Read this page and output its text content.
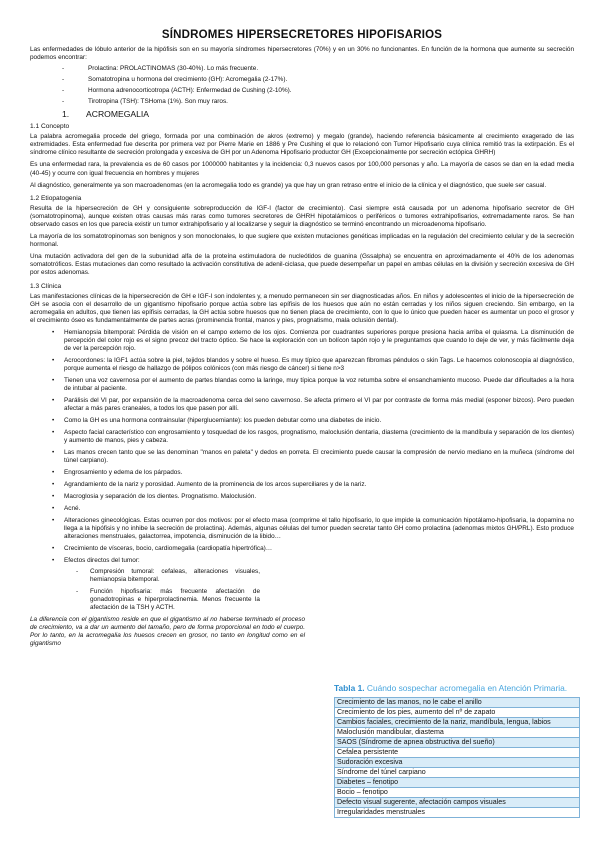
SÍNDROMES HIPERSECRETORES HIPOFISARIOS

Las enfermedades de lóbulo anterior de la hipófisis son en su mayoría síndromes hipersecretores (70%) y en un 30% no funcionantes. En función de la hormona que aumente su secreción podemos encontrar:

- Prolactina: PROLACTINOMAS (30-40%). Lo más frecuente.
- Somatotropina u hormona del crecimiento (GH): Acromegalia (2-17%).
- Hormona adrenocorticotropa (ACTH): Enfermedad de Cushing (2-10%).
- Tirotropina (TSH): TSHoma (1%). Son muy raros.
1. ACROMEGALIA
1.1 Concepto

La palabra acromegalia procede del griego, formada por una combinación de akros (extremo) y megalo (grande), haciendo referencia básicamente al crecimiento exagerado de las extremidades. Esta enfermedad fue descrita por primera vez por Pierre Marie en 1886 y Pre Cushing el que lo relacionó con Tumor Hipofisario cuya clínica remitió tras la extirpación. Es el síndrome clínico resultante de secreción prolongada y excesiva de GH por un Adenoma Hipofisario productor GH (Excepcionalmente por secreción ectópica GHRH)

Es una enfermedad rara, la prevalencia es de 60 casos por 1000000 habitantes y la incidencia: 0,3 nuevos casos por 100,000 personas y año. La mayoría de casos se dan en la edad media (40-45) y ocurre con igual frecuencia en hombres y mujeres

Al diagnóstico, generalmente ya son macroadenomas (en la acromegalia todo es grande) ya que hay un gran retraso entre el inicio de la clínica y el diagnóstico, que suele ser casual.

1.2 Etiopatogenia

Resulta de la hipersecreción de GH y consiguiente sobreproducción de IGF-I (factor de crecimiento). Casi siempre está causada por un adenoma hipofisario secretor de GH (somatotropinoma), aunque existen otras causas más raras como tumores secretores de GHRH hipotalámicos o periféricos o tumores extrahipofisarios, extremadamente raros. Se han observado casos en los que parecía existir un tumor extrahipofisario y al localizarse y seguir la diagnóstico se terminó encontrando un microadenoma hipofisario.

La mayoría de los somatotropinomas son benignos y son monoclonales, lo que sugiere que existen mutaciones genéticas implicadas en la regulación del crecimiento celular y de la secreción hormonal.

Una mutación activadora del gen de la subunidad alfa de la proteína estimuladora de nucleótidos de guanina (Gssalpha) se encuentra en aproximadamente el 40% de los adenomas somatotróficos. Estas mutaciones dan como resultado la activación constitutiva de adenil-ciclasa, que puede desempeñar un papel en ambas células en la división y secreción excesiva de GH por estos adenomas.

1.3 Clínica

Las manifestaciones clínicas de la hipersecreción de GH e IGF-I son indolentes y, a menudo permanecen sin ser diagnosticadas años. En niños y adolescentes el inicio de la hipersecreción de GH se asocia con el desarrollo de un gigantismo hipofisario porque actúa sobre las epífisis de los huesos que aún no están cerradas y los niños siguen creciendo. Sin embargo, en la acromegalia en adultos, que tienen las epífisis cerradas, la GH actúa sobre huesos que no tienen placa de crecimiento, con lo que lo único que pueden hacer es aumentar un poco el grosor y el crecimiento óseo es fundamentalmente de partes acras (prominencia frontal, manos y pies, prognatismo, mala oclusión dental).

• Hemianopsia bitemporal: Pérdida de visión en el campo externo de los ojos. Comienza por cuadrantes superiores porque presiona hacia arriba el quiasma. La disminución de percepción del color rojo es el signo precoz del tracto óptico. Se hace la exploración con un bolícon tapón rojo y le preguntamos que cuando lo deje de ver, y más fácilmente deja de ver la percepción rojo.
• Acrocordones: la IGF1 actúa sobre la piel, tejidos blandos y sobre el hueso. Es muy típico que aparezcan fibromas péndulos o skin Tags. Le hacemos colonoscopia al diagnóstico, porque aumenta el riesgo de hallazgo de pólipos colónicos (con más riesgo de cáncer) si tiene n>3
• Tienen una voz cavernosa por el aumento de partes blandas como la laringe, muy típica porque la voz retumba sobre el ensanchamiento mucoso. Puede dar dificultades a la hora de intubar al paciente.
• Parálisis del VI par, por expansión de la macroadenoma cerca del seno cavernoso. Se afecta primero el VI par por contraste de forma más medial (esponer bizcos). Pero pueden afectar a más pares craneales, a todos los que pasen por allí.
• Como la GH es una hormona contrainsular (hiperglucemiante): los pueden debutar como una diabetes de inicio.
• Aspecto facial característico con engrosamiento y tosquedad de los rasgos, prognatismo, maloclusión dentaria, diastema (crecimiento de la mandíbula y separación de los dientes) y aumento de manos, pies y cabeza.
• Las manos crecen tanto que se las denominan "manos en paleta" y dedos en porreta. El crecimiento puede causar la compresión de nervio mediano en la muñeca (síndrome del túnel carpiano).
• Engrosamiento y edema de los párpados.
• Agrandamiento de la nariz y porosidad. Aumento de la prominencia de los arcos superciliares y de la nariz.
• Macroglosia y separación de los dientes. Prognatismo. Maloclusión.
• Acné.
• Alteraciones ginecológicas. Estas ocurren por dos motivos: por el efecto masa (comprime el tallo hipofisario, lo que impide la comunicación hipotálamo-hipofisaria, la dopamina no llega a la hipófisis y no inhibe la secreción de prolactina). Además, algunas células del tumor pueden secretar tanto GH como prolactina (adenomas mixtos GH/PRL). Esto produce alteraciones menstruales, galactorrea, impotencia, disminución de la libido…
• Crecimiento de vísceras, bocio, cardiomegalia (cardiopatía hipertrófica)…
• Efectos directos del tumor:
- Compresión tumoral: cefaleas, alteraciones visuales, hemianopsia bitemporal.
- Función hipofisaria: más frecuente afectación de gonadotropinas e hiperprolactinemia. Menos frecuente la afectación de la TSH y ACTH.

La diferencia con el gigantismo reside en que el gigantismo al no haberse terminado el proceso de crecimiento, va a dar un aumento del tamaño, pero de forma proporcional en todo el cuerpo. Por lo tanto, en la acromegalia los huesos crecen en grosor, no tanto en longitud como en el gigantismo

Tabla 1. Cuándo sospechar acromegalia en Atención Primaria.
Crecimiento de las manos, no le cabe el anillo
Crecimiento de los pies, aumento del nº de zapato
Cambios faciales, crecimiento de la nariz, mandíbula, lengua, labios
Maloclusión mandibular, diastema
SAOS (Síndrome de apnea obstructiva del sueño)
Cefalea persistente
Sudoración excesiva
Síndrome del túnel carpiano
Diabetes – fenotipo
Bocio – fenotipo
Defecto visual sugerente, afectación campos visuales
Irregularidades menstruales
